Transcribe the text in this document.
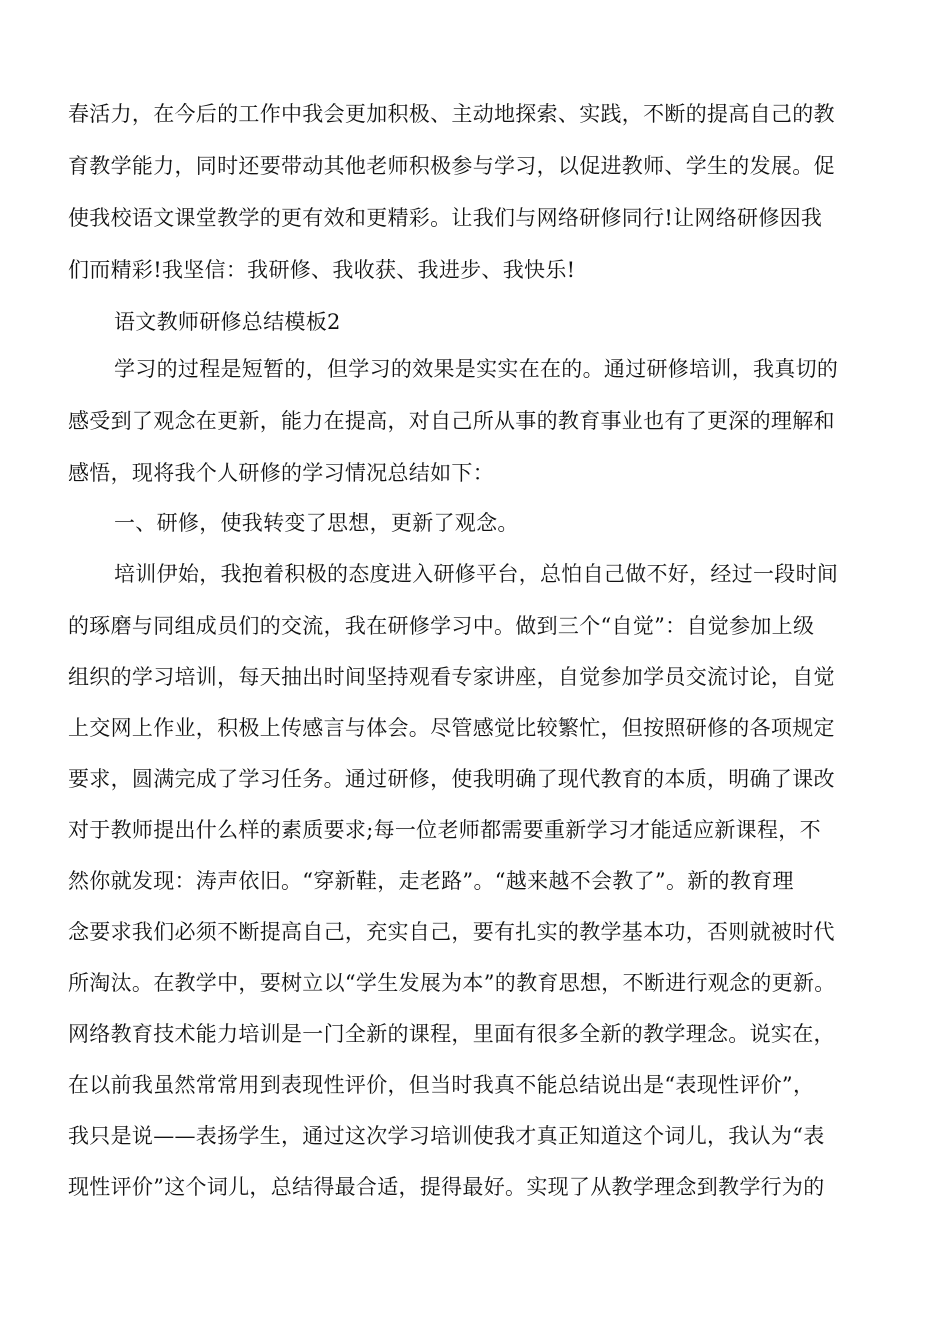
春活力，在今后的工作中我会更加积极、主动地探索、实践，不断的提高自己的教
育教学能力，同时还要带动其他老师积极参与学习，以促进教师、学生的发展。促
使我校语文课堂教学的更有效和更精彩。让我们与网络研修同行!让网络研修因我
们而精彩!我坚信：我研修、我收获、我进步、我快乐!
语文教师研修总结模板2
学习的过程是短暂的，但学习的效果是实实在在的。通过研修培训，我真切的
感受到了观念在更新，能力在提高，对自己所从事的教育事业也有了更深的理解和
感悟，现将我个人研修的学习情况总结如下：
一、研修，使我转变了思想，更新了观念。
培训伊始，我抱着积极的态度进入研修平台，总怕自己做不好，经过一段时间
的琢磨与同组成员们的交流，我在研修学习中。做到三个“自觉”：自觉参加上级
组织的学习培训，每天抽出时间坚持观看专家讲座，自觉参加学员交流讨论，自觉
上交网上作业，积极上传感言与体会。尽管感觉比较繁忙，但按照研修的各项规定
要求，圆满完成了学习任务。通过研修，使我明确了现代教育的本质，明确了课改
对于教师提出什么样的素质要求;每一位老师都需要重新学习才能适应新课程，不
然你就发现：涛声依旧。“穿新鞋，走老路”。“越来越不会教了”。新的教育理
念要求我们必须不断提高自己，充实自己，要有扎实的教学基本功，否则就被时代
所淘汰。在教学中，要树立以“学生发展为本”的教育思想，不断进行观念的更新。
网络教育技术能力培训是一门全新的课程，里面有很多全新的教学理念。说实在，
在以前我虽然常常用到表现性评价，但当时我真不能总结说出是“表现性评价”，
我只是说——表扬学生，通过这次学习培训使我才真正知道这个词儿，我认为“表
现性评价”这个词儿，总结得最合适，提得最好。实现了从教学理念到教学行为的
